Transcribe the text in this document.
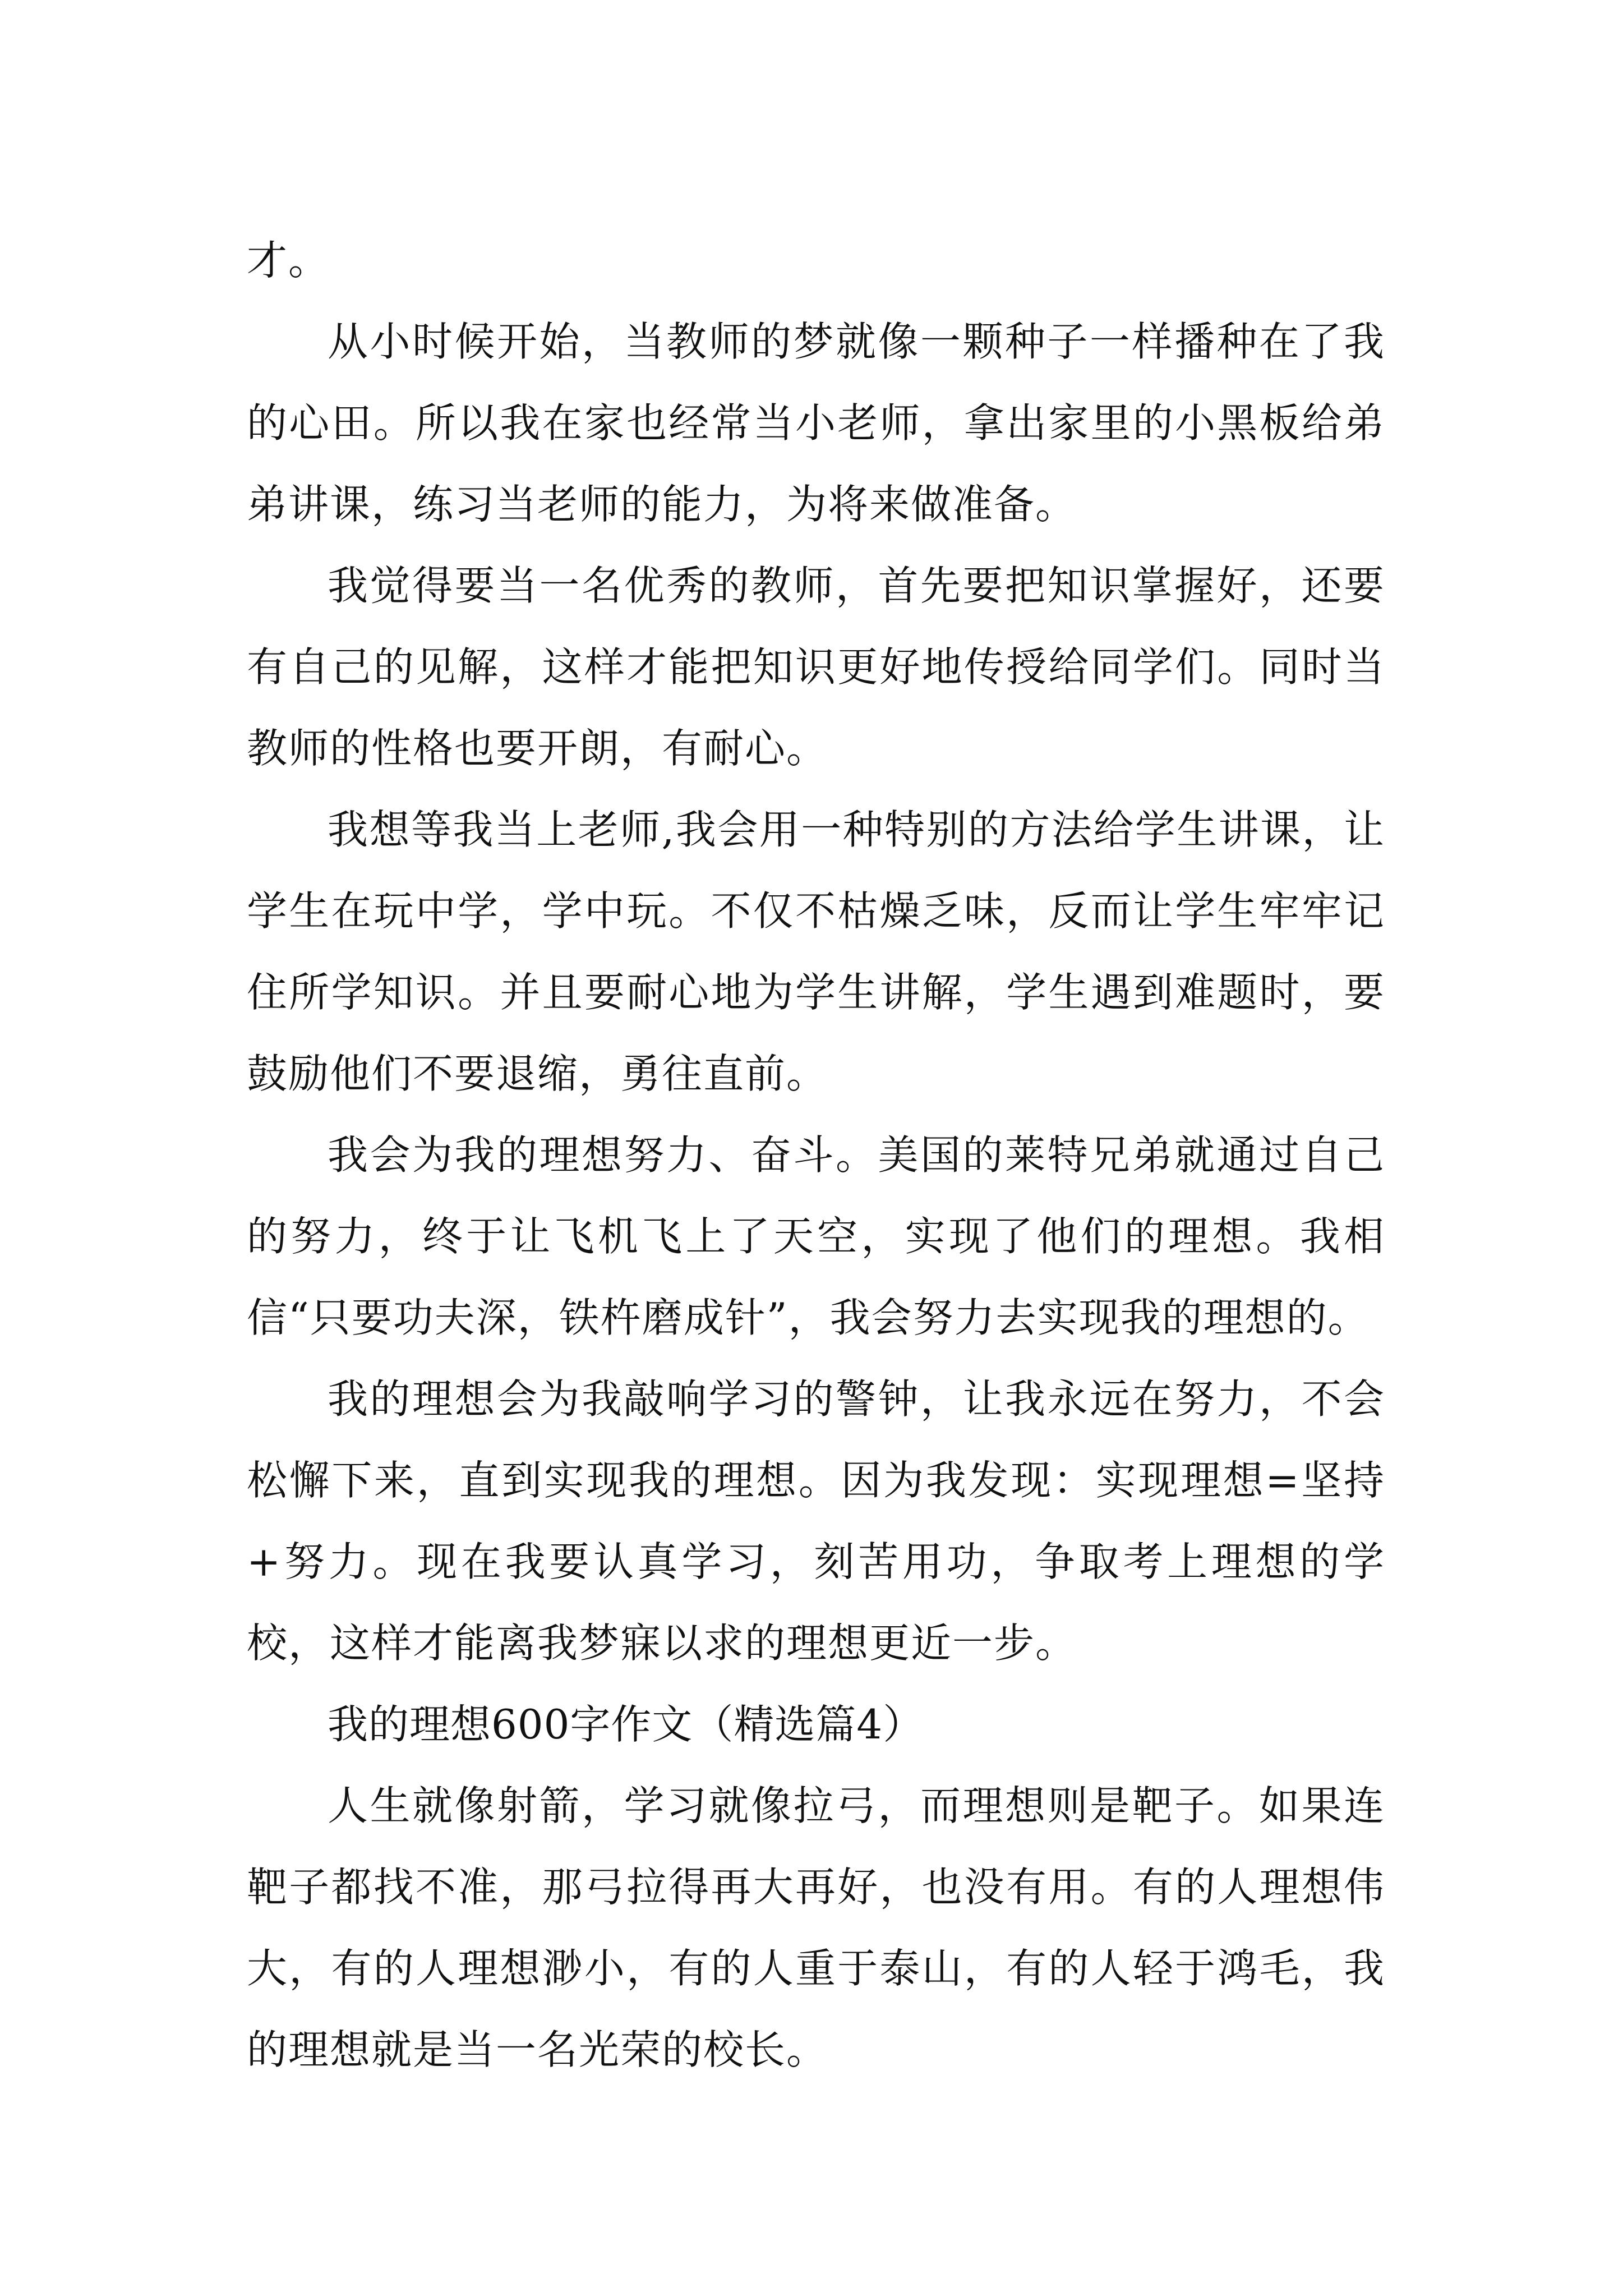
才。

从小时候开始，当教师的梦就像一颗种子一样播种在了我的心田。所以我在家也经常当小老师，拿出家里的小黑板给弟弟讲课，练习当老师的能力，为将来做准备。

我觉得要当一名优秀的教师，首先要把知识掌握好，还要有自己的见解，这样才能把知识更好地传授给同学们。同时当教师的性格也要开朗，有耐心。

我想等我当上老师,我会用一种特别的方法给学生讲课，让学生在玩中学，学中玩。不仅不枯燥乏味，反而让学生牢牢记住所学知识。并且要耐心地为学生讲解，学生遇到难题时，要鼓励他们不要退缩，勇往直前。

我会为我的理想努力、奋斗。美国的莱特兄弟就通过自己的努力，终于让飞机飞上了天空，实现了他们的理想。我相信“只要功夫深，铁杵磨成针”，我会努力去实现我的理想的。

我的理想会为我敲响学习的警钟，让我永远在努力，不会松懈下来，直到实现我的理想。因为我发现：实现理想=坚持+努力。现在我要认真学习，刻苦用功，争取考上理想的学校，这样才能离我梦寐以求的理想更近一步。

我的理想600字作文（精选篇4）

人生就像射箭，学习就像拉弓，而理想则是靶子。如果连靶子都找不准，那弓拉得再大再好，也没有用。有的人理想伟大，有的人理想渺小，有的人重于泰山，有的人轻于鸿毛，我的理想就是当一名光荣的校长。
